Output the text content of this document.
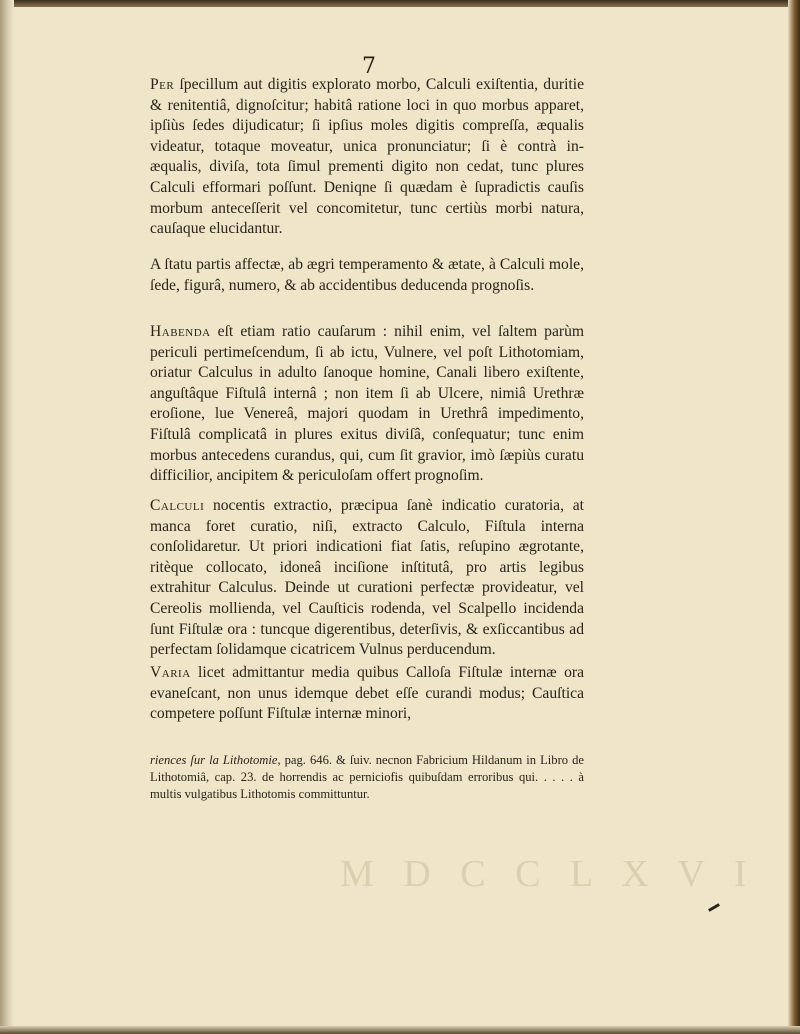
7
Per ſpecillum aut digitis explorato morbo, Calculi exiſtentia, duritie & renitentiâ, dignoſcitur; habitâ ratione loci in quo morbus apparet, ipſiùs ſedes dijudicatur; ſi ipſius moles digitis compreſſa, æqualis videatur, totaque moveatur, unica pronunciatur; ſi è contrà in-æqualis, diviſa, tota ſimul prementi digito non cedat, tunc plures Calculi efformari poſſunt. Deniqne ſi quædam è ſupradictis cauſis morbum anteceſſerit vel concomitetur, tunc certiùs morbi natura, cauſaque elucidantur.
A ſtatu partis affectæ, ab ægri temperamento & ætate, à Calculi mole, ſede, figurâ, numero, & ab accidentibus deducenda prognoſis.
Habenda eſt etiam ratio cauſarum : nihil enim, vel ſaltem parùm periculi pertimeſcendum, ſi ab ictu, Vulnere, vel poſt Lithotomiam, oriatur Calculus in adulto ſanoque homine, Canali libero exiſtente, anguſtâque Fiſtulâ internâ ; non item ſi ab Ulcere, nimiâ Urethræ eroſione, lue Venereâ, majori quodam in Urethrâ impedimento, Fiſtulâ complicatâ in plures exitus diviſâ, conſequatur; tunc enim morbus antecedens curandus, qui, cum ſit gravior, imò ſæpiùs curatu difficilior, ancipitem & periculoſam offert prognoſim.
Calculi nocentis extractio, præcipua ſanè indicatio curatoria, at manca foret curatio, niſi, extracto Calculo, Fiſtula interna conſolidaretur. Ut priori indicationi fiat ſatis, reſupino ægrotante, ritèque collocato, idoneâ inciſione inſtitutâ, pro artis legibus extrahitur Calculus. Deinde ut curationi perfectæ provideatur, vel Cereolis mollienda, vel Cauſticis rodenda, vel Scalpello incidenda ſunt Fiſtulæ ora : tuncque digerentibus, deterſivis, & exſiccantibus ad perfectam ſolidamque cicatricem Vulnus perducendum.
Varia licet admittantur media quibus Calloſa Fiſtulæ internæ ora evaneſcant, non unus idemque debet eſſe curandi modus; Cauſtica competere poſſunt Fiſtulæ internæ minori,
riences ſur la Lithotomie, pag. 646. & ſuiv. necnon Fabricium Hildanum in Libro de Lithotomiâ, cap. 23. de horrendis ac perniciofis quibuſdam erroribus qui. . . . . à multis vulgatibus Lithotomis committuntur.
M D C C L X V I
